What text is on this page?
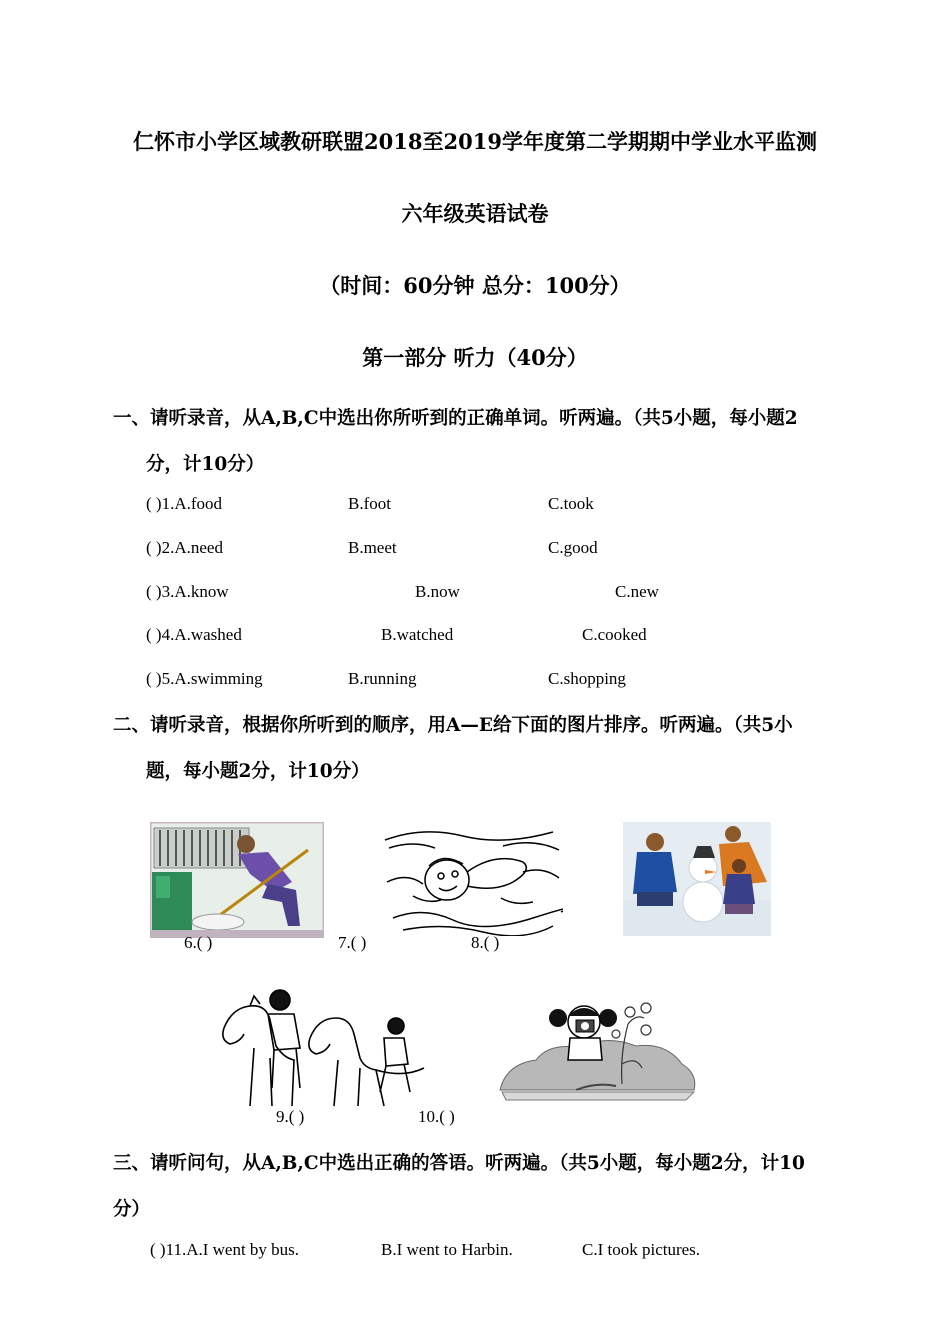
仁怀市小学区域教研联盟2018至2019学年度第二学期期中学业水平监测
六年级英语试卷
（时间：60分钟 总分：100分）
第一部分 听力（40分）
一、请听录音，从A,B,C中选出你所听到的正确单词。听两遍。（共5小题，每小题2
分，计10分）
( )1.A.food	B.foot	C.took
( )2.A.need	B.meet	C.good
( )3.A.know	B.now	C.new
( )4.A.washed	B.watched	C.cooked
( )5.A.swimming	B.running	C.shopping
二、请听录音，根据你所听到的顺序，用A—E给下面的图片排序。听两遍。（共5小
题，每小题2分，计10分）
6.( )	7.( )	8.( )
9.( )	10.( )
三、请听问句，从A,B,C中选出正确的答语。听两遍。（共5小题，每小题2分，计10
分）
( )11.A.I went by bus.	B.I went to Harbin.	C.I took pictures.
